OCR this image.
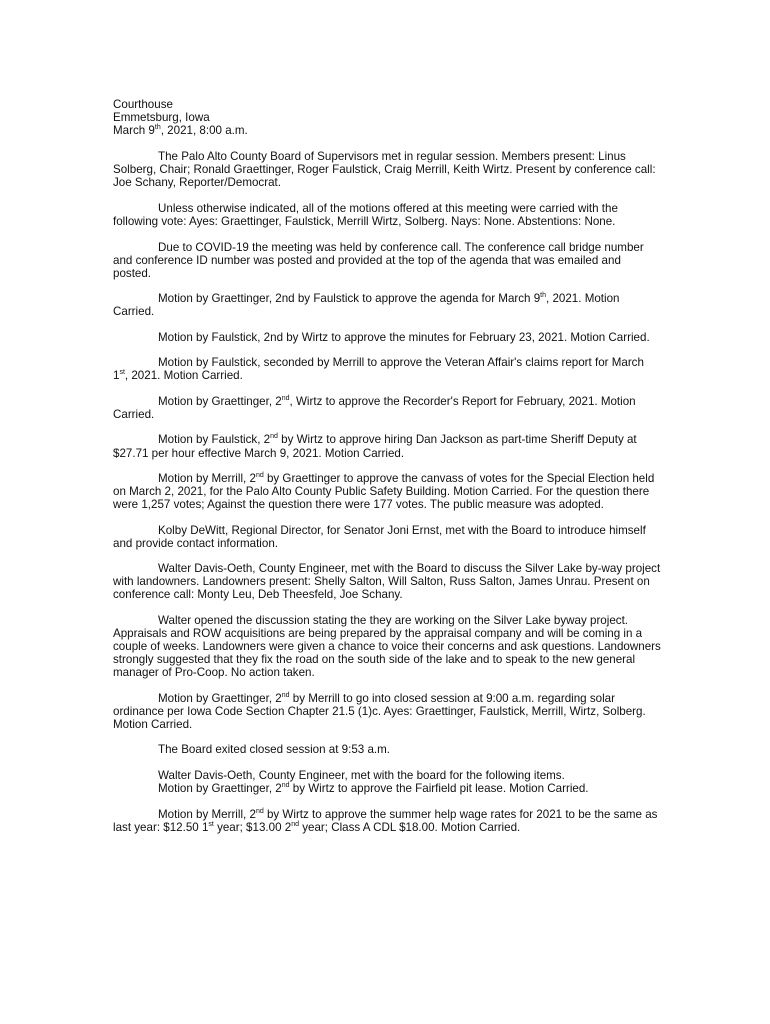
Courthouse

Emmetsburg, Iowa

March 9th, 2021, 8:00 a.m.

The Palo Alto County Board of Supervisors met in regular session. Members present: Linus Solberg, Chair; Ronald Graettinger, Roger Faulstick, Craig Merrill, Keith Wirtz. Present by conference call: Joe Schany, Reporter/Democrat.

Unless otherwise indicated, all of the motions offered at this meeting were carried with the following vote: Ayes: Graettinger, Faulstick, Merrill Wirtz, Solberg. Nays: None. Abstentions: None.

Due to COVID-19 the meeting was held by conference call. The conference call bridge number and conference ID number was posted and provided at the top of the agenda that was emailed and posted.

Motion by Graettinger, 2nd by Faulstick to approve the agenda for March 9th, 2021. Motion Carried.

Motion by Faulstick, 2nd by Wirtz to approve the minutes for February 23, 2021. Motion Carried.

Motion by Faulstick, seconded by Merrill to approve the Veteran Affair's claims report for March 1st, 2021. Motion Carried.

Motion by Graettinger, 2nd, Wirtz to approve the Recorder's Report for February, 2021. Motion Carried.

Motion by Faulstick, 2nd by Wirtz to approve hiring Dan Jackson as part-time Sheriff Deputy at $27.71 per hour effective March 9, 2021. Motion Carried.

Motion by Merrill, 2nd by Graettinger to approve the canvass of votes for the Special Election held on March 2, 2021, for the Palo Alto County Public Safety Building. Motion Carried. For the question there were 1,257 votes; Against the question there were 177 votes. The public measure was adopted.

Kolby DeWitt, Regional Director, for Senator Joni Ernst, met with the Board to introduce himself and provide contact information.

Walter Davis-Oeth, County Engineer, met with the Board to discuss the Silver Lake by-way project with landowners. Landowners present: Shelly Salton, Will Salton, Russ Salton, James Unrau. Present on conference call: Monty Leu, Deb Theesfeld, Joe Schany.

Walter opened the discussion stating the they are working on the Silver Lake byway project. Appraisals and ROW acquisitions are being prepared by the appraisal company and will be coming in a couple of weeks. Landowners were given a chance to voice their concerns and ask questions. Landowners strongly suggested that they fix the road on the south side of the lake and to speak to the new general manager of Pro-Coop. No action taken.

Motion by Graettinger, 2nd by Merrill to go into closed session at 9:00 a.m. regarding solar ordinance per Iowa Code Section Chapter 21.5 (1)c. Ayes: Graettinger, Faulstick, Merrill, Wirtz, Solberg. Motion Carried.

The Board exited closed session at 9:53 a.m.

Walter Davis-Oeth, County Engineer, met with the board for the following items.

Motion by Graettinger, 2nd by Wirtz to approve the Fairfield pit lease. Motion Carried.

Motion by Merrill, 2nd by Wirtz to approve the summer help wage rates for 2021 to be the same as last year: $12.50 1st year; $13.00 2nd year; Class A CDL $18.00. Motion Carried.
